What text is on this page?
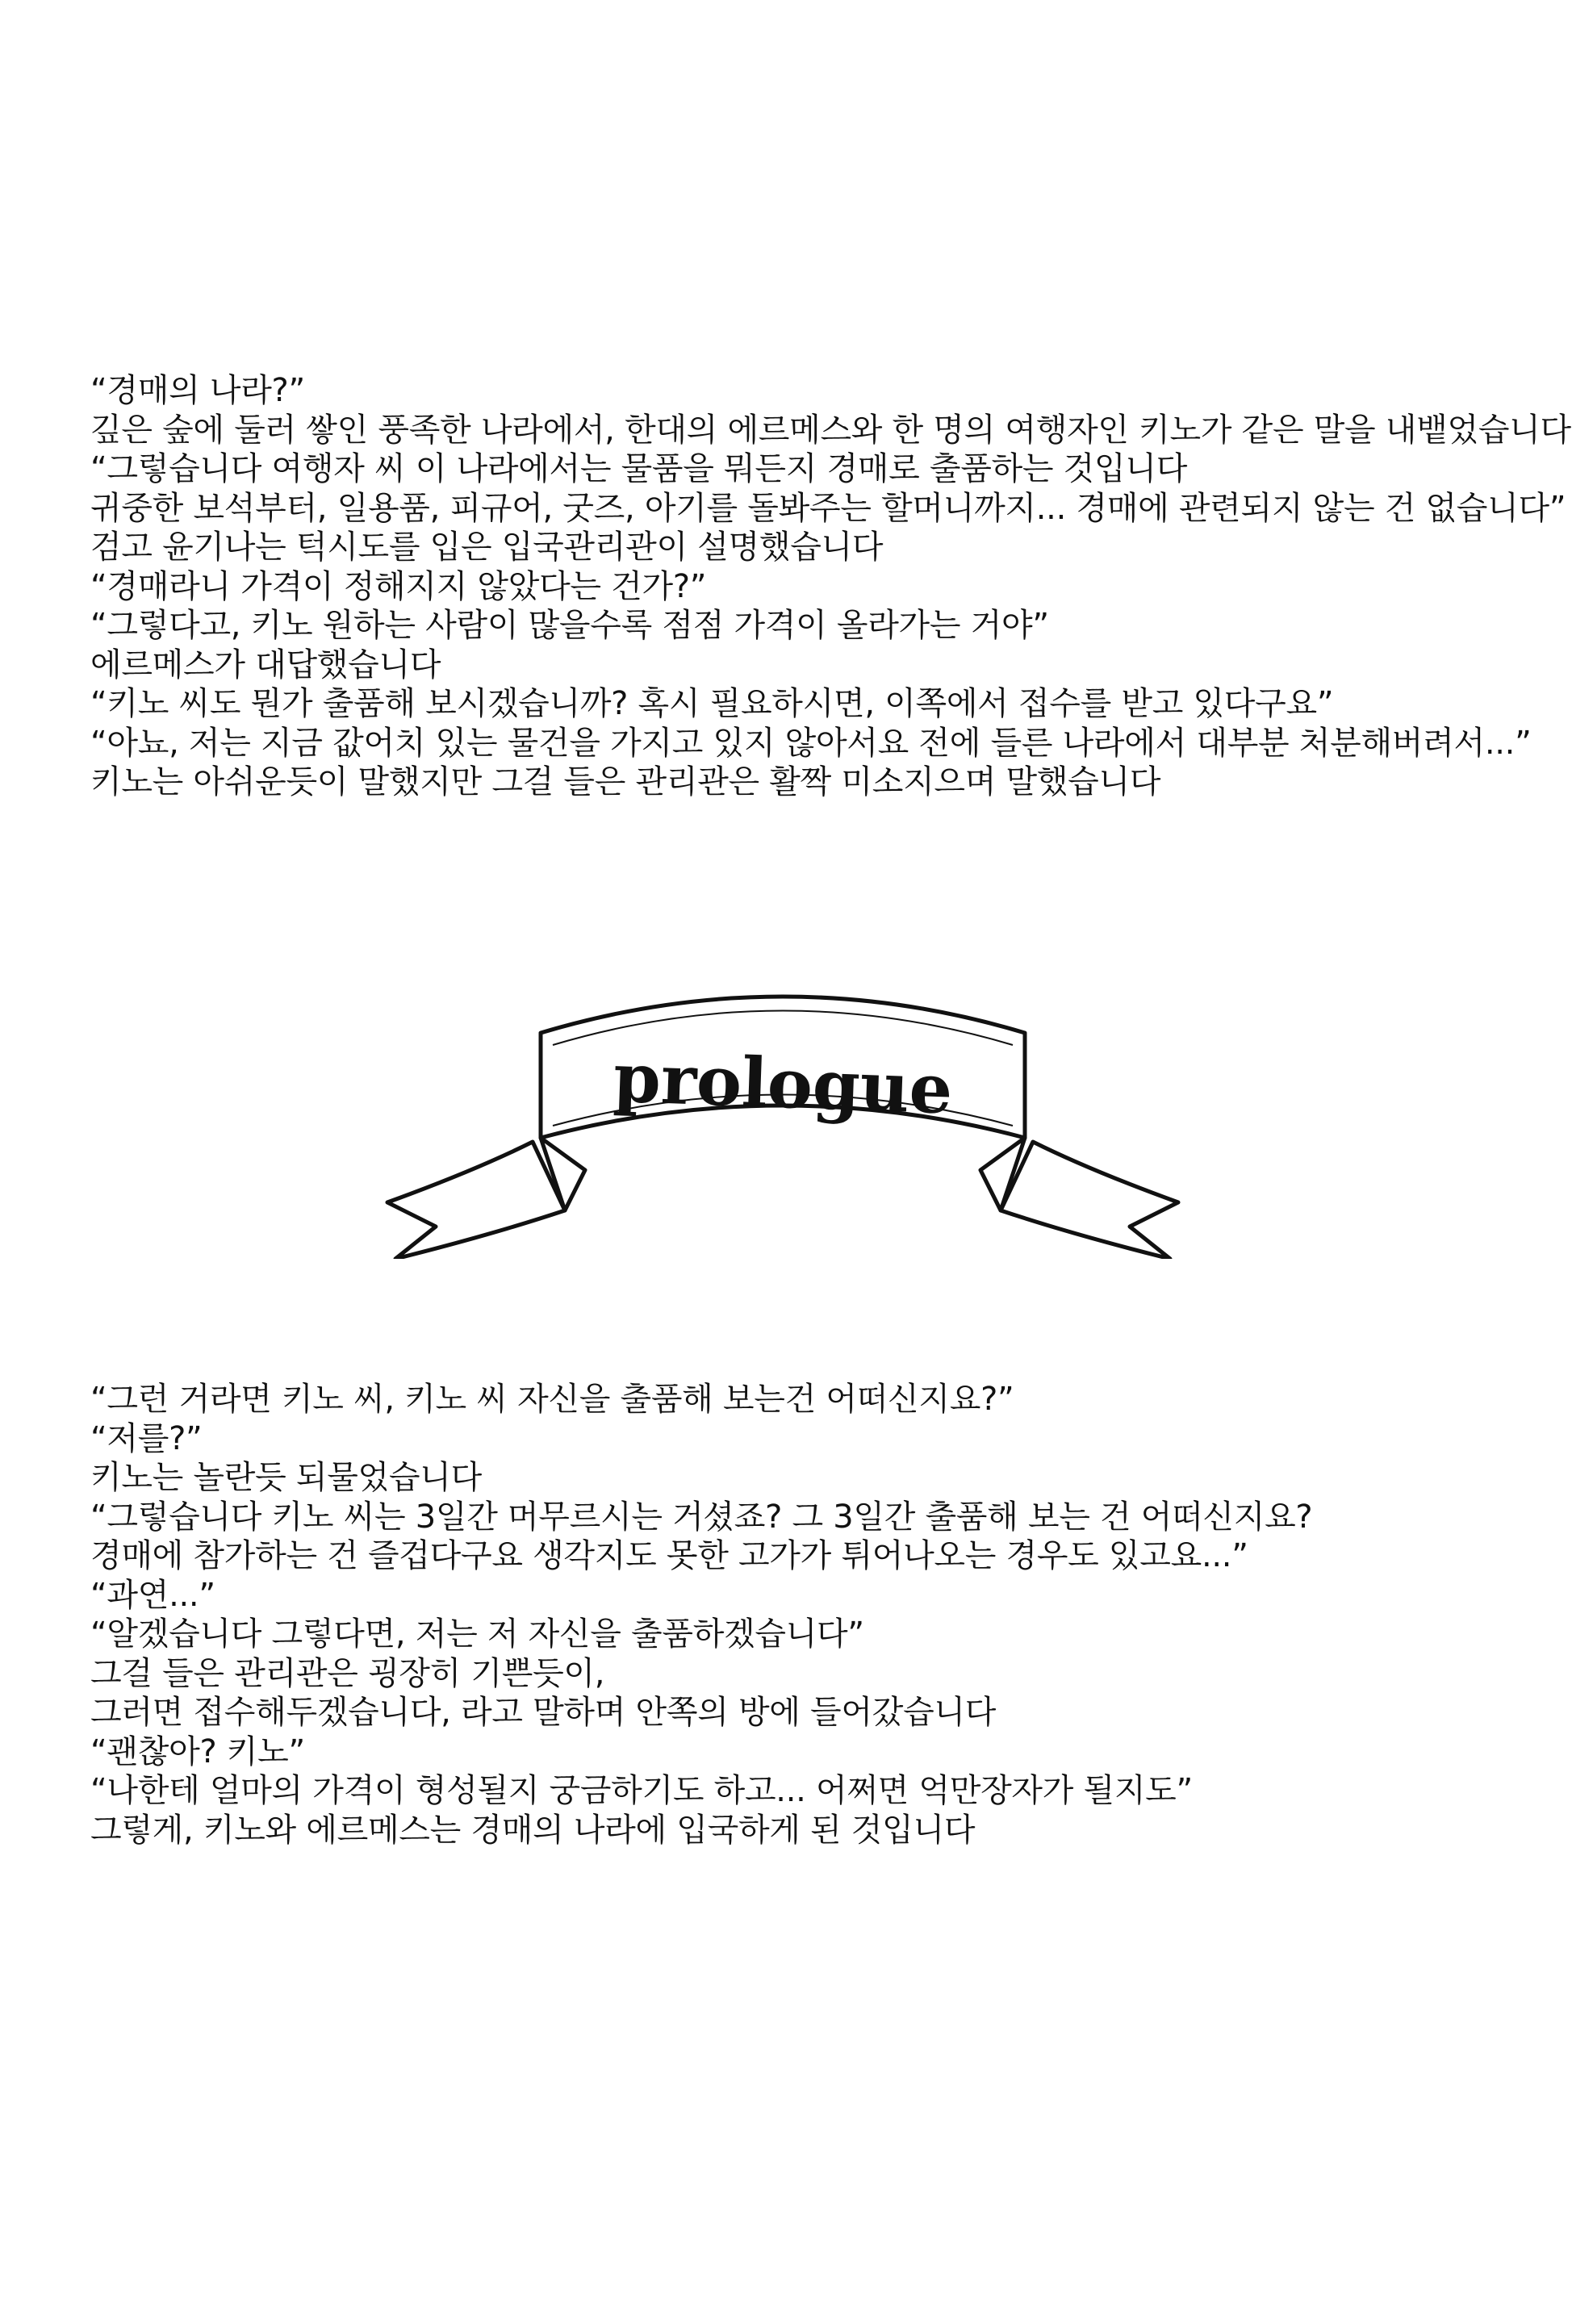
“경매의 나라?”
깊은 숲에 둘러 쌓인 풍족한 나라에서, 한대의 에르메스와 한 명의 여행자인 키노가 같은 말을 내뱉었습니다
“그렇습니다 여행자 씨 이 나라에서는 물품을 뭐든지 경매로 출품하는 것입니다
귀중한 보석부터, 일용품, 피규어, 굿즈, 아기를 돌봐주는 할머니까지... 경매에 관련되지 않는 건 없습니다”
검고 윤기나는 턱시도를 입은 입국관리관이 설명했습니다
“경매라니 가격이 정해지지 않았다는 건가?”
“그렇다고, 키노 원하는 사람이 많을수록 점점 가격이 올라가는 거야”
에르메스가 대답했습니다
“키노 씨도 뭔가 출품해 보시겠습니까? 혹시 필요하시면, 이쪽에서 접수를 받고 있다구요”
“아뇨, 저는 지금 값어치 있는 물건을 가지고 있지 않아서요 전에 들른 나라에서 대부분 처분해버려서...”
키노는 아쉬운듯이 말했지만 그걸 들은 관리관은 활짝 미소지으며 말했습니다
prologue
“그런 거라면 키노 씨, 키노 씨 자신을 출품해 보는건 어떠신지요?”
“저를?”
키노는 놀란듯 되물었습니다
“그렇습니다 키노 씨는 3일간 머무르시는 거셨죠? 그 3일간 출품해 보는 건 어떠신지요?
경매에 참가하는 건 즐겁다구요 생각지도 못한 고가가 튀어나오는 경우도 있고요...”
“과연...”
“알겠습니다 그렇다면, 저는 저 자신을 출품하겠습니다”
그걸 들은 관리관은 굉장히 기쁜듯이,
그러면 접수해두겠습니다, 라고 말하며 안쪽의 방에 들어갔습니다
“괜찮아? 키노”
“나한테 얼마의 가격이 형성될지 궁금하기도 하고... 어쩌면 억만장자가 될지도”
그렇게, 키노와 에르메스는 경매의 나라에 입국하게 된 것입니다
